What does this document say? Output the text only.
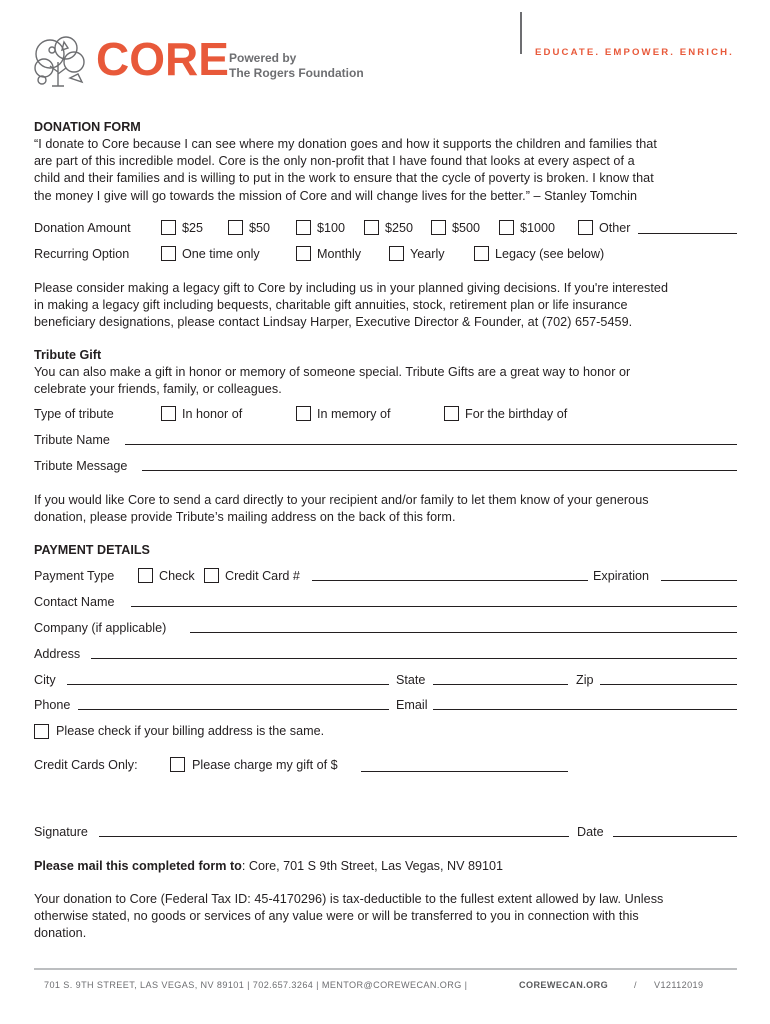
CORE Powered by
The Rogers Foundation
EDUCATE. EMPOWER. ENRICH.
DONATION FORM
“I donate to Core because I can see where my donation goes and how it supports the children and families that
are part of this incredible model. Core is the only non-profit that I have found that looks at every aspect of a
child and their families and is willing to put in the work to ensure that the cycle of poverty is broken. I know that
the money I give will go towards the mission of Core and will change lives for the better.” – Stanley Tomchin
Donation Amount	$25	$50	$100	$250	$500	$1000	Other
Recurring Option	One time only	Monthly	Yearly	Legacy (see below)
Please consider making a legacy gift to Core by including us in your planned giving decisions. If you're interested
in making a legacy gift including bequests, charitable gift annuities, stock, retirement plan or life insurance
beneficiary designations, please contact Lindsay Harper, Executive Director & Founder, at (702) 657-5459.
Tribute Gift
You can also make a gift in honor or memory of someone special. Tribute Gifts are a great way to honor or
celebrate your friends, family, or colleagues.
Type of tribute	In honor of	In memory of	For the birthday of
Tribute Name
Tribute Message
If you would like Core to send a card directly to your recipient and/or family to let them know of your generous
donation, please provide Tribute’s mailing address on the back of this form.
PAYMENT DETAILS
Payment Type	Check Credit Card #	Expiration
Contact Name
Company (if applicable)
Address
City	State	Zip
Phone	Email
Please check if your billing address is the same.
Credit Cards Only:	Please charge my gift of $
Signature	Date
Please mail this completed form to: Core, 701 S 9th Street, Las Vegas, NV 89101
Your donation to Core (Federal Tax ID: 45-4170296) is tax-deductible to the fullest extent allowed by law. Unless
otherwise stated, no goods or services of any value were or will be transferred to you in connection with this
donation.
701 S. 9TH STREET, LAS VEGAS, NV 89101 | 702.657.3264 | MENTOR@COREWECAN.ORG |	COREWECAN.ORG	/ V12112019
